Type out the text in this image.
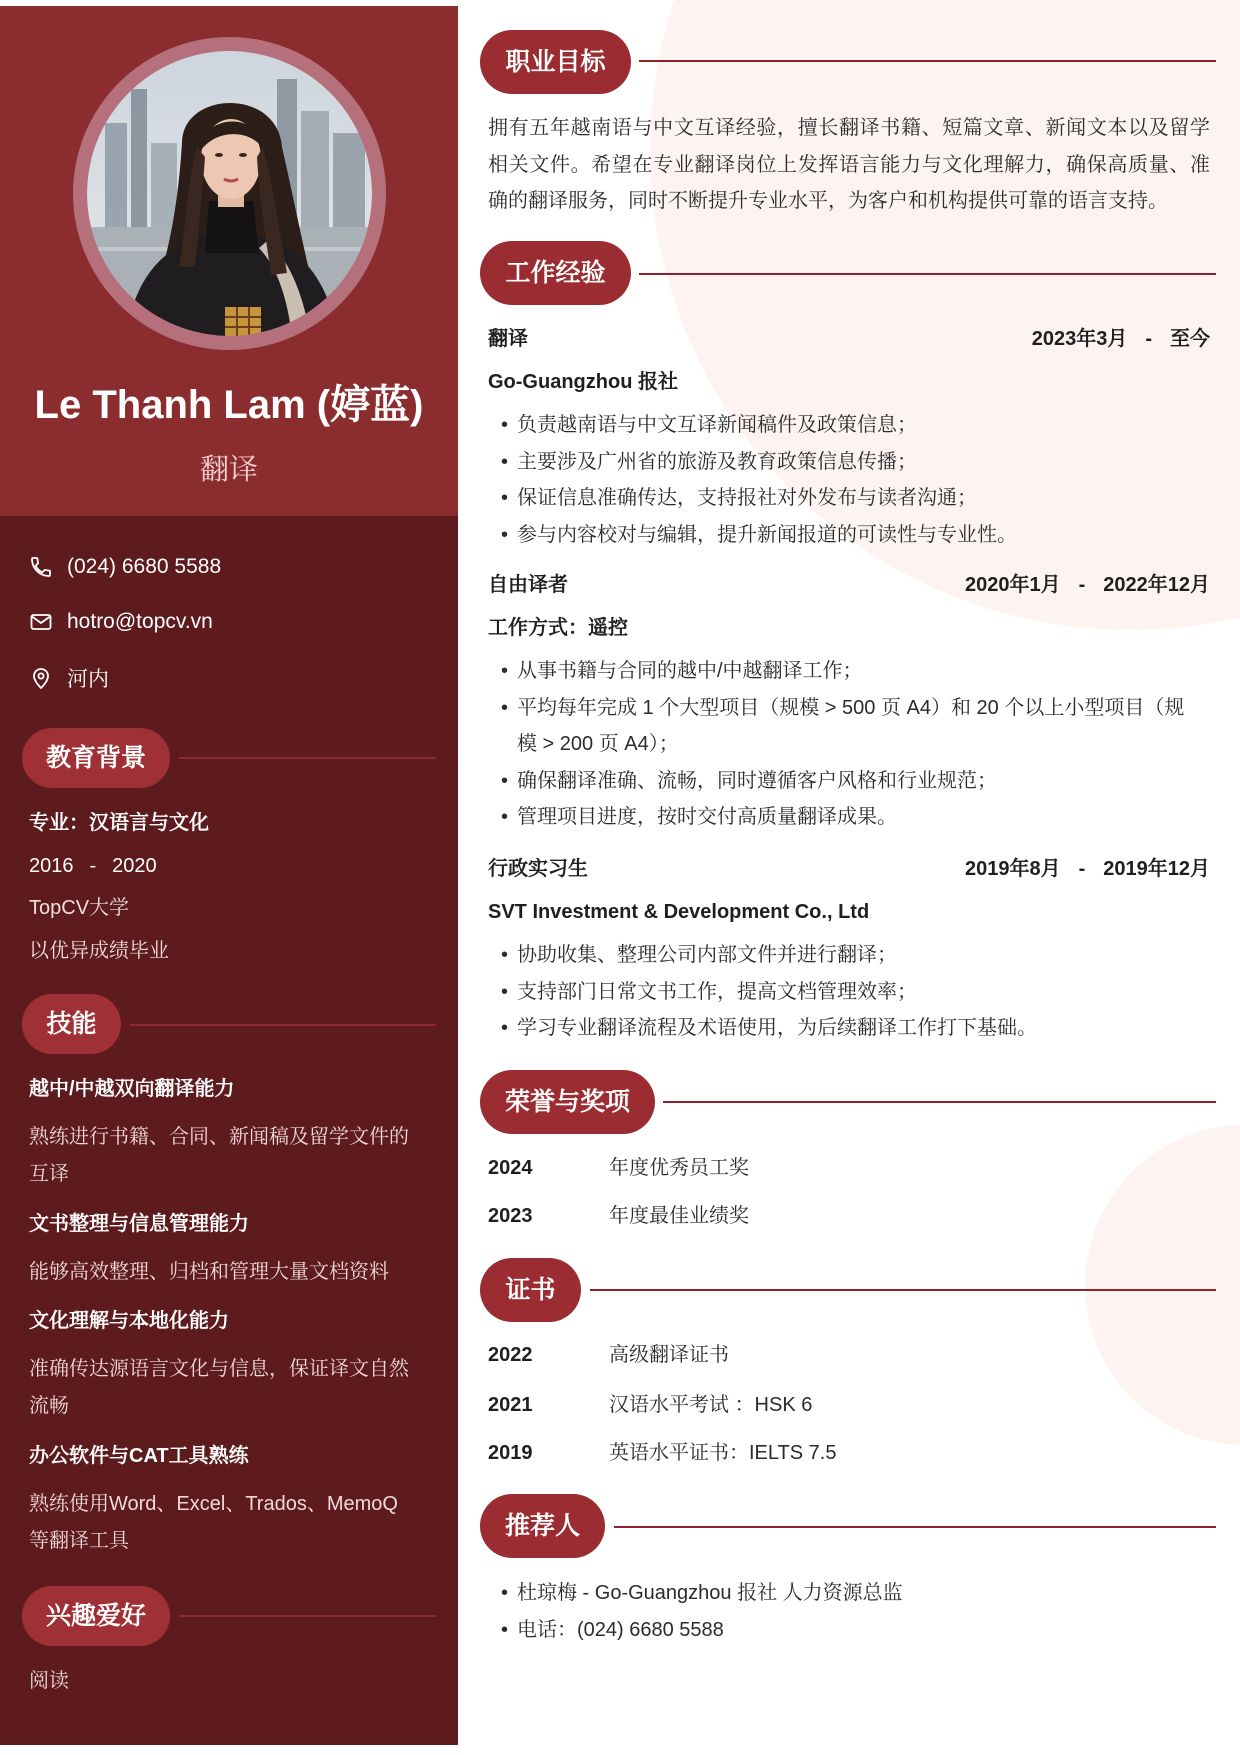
Le Thanh Lam (婷蓝)
翻译
(024) 6680 5588
hotro@topcv.vn
河内
教育背景
专业：汉语言与文化
2016 - 2020
TopCV大学
以优异成绩毕业
技能
越中/中越双向翻译能力
熟练进行书籍、合同、新闻稿及留学文件的
互译
文书整理与信息管理能力
能够高效整理、归档和管理大量文档资料
文化理解与本地化能力
准确传达源语言文化与信息，保证译文自然
流畅
办公软件与CAT工具熟练
熟练使用Word、Excel、Trados、MemoQ
等翻译工具
兴趣爱好
阅读
职业目标
拥有五年越南语与中文互译经验，擅长翻译书籍、短篇文章、新闻文本以及留学
相关文件。希望在专业翻译岗位上发挥语言能力与文化理解力，确保高质量、准
确的翻译服务，同时不断提升专业水平，为客户和机构提供可靠的语言支持。
工作经验
翻译	2023年3月 - 至今
Go-Guangzhou 报社
• 负责越南语与中文互译新闻稿件及政策信息；
• 主要涉及广州省的旅游及教育政策信息传播；
• 保证信息准确传达，支持报社对外发布与读者沟通；
• 参与内容校对与编辑，提升新闻报道的可读性与专业性。
自由译者	2020年1月 - 2022年12月
工作方式：遥控
• 从事书籍与合同的越中/中越翻译工作；
• 平均每年完成 1 个大型项目（规模 > 500 页 A4）和 20 个以上小型项目（规
模 > 200 页 A4）；
• 确保翻译准确、流畅，同时遵循客户风格和行业规范；
• 管理项目进度，按时交付高质量翻译成果。
行政实习生	2019年8月 - 2019年12月
SVT Investment & Development Co., Ltd
• 协助收集、整理公司内部文件并进行翻译；
• 支持部门日常文书工作，提高文档管理效率；
• 学习专业翻译流程及术语使用，为后续翻译工作打下基础。
荣誉与奖项
2024	年度优秀员工奖
2023	年度最佳业绩奖
证书
2022	高级翻译证书
2021	汉语水平考试 ：HSK 6
2019	英语水平证书：IELTS 7.5
推荐人
• 杜琼梅 - Go-Guangzhou 报社 人力资源总监
• 电话：(024) 6680 5588
